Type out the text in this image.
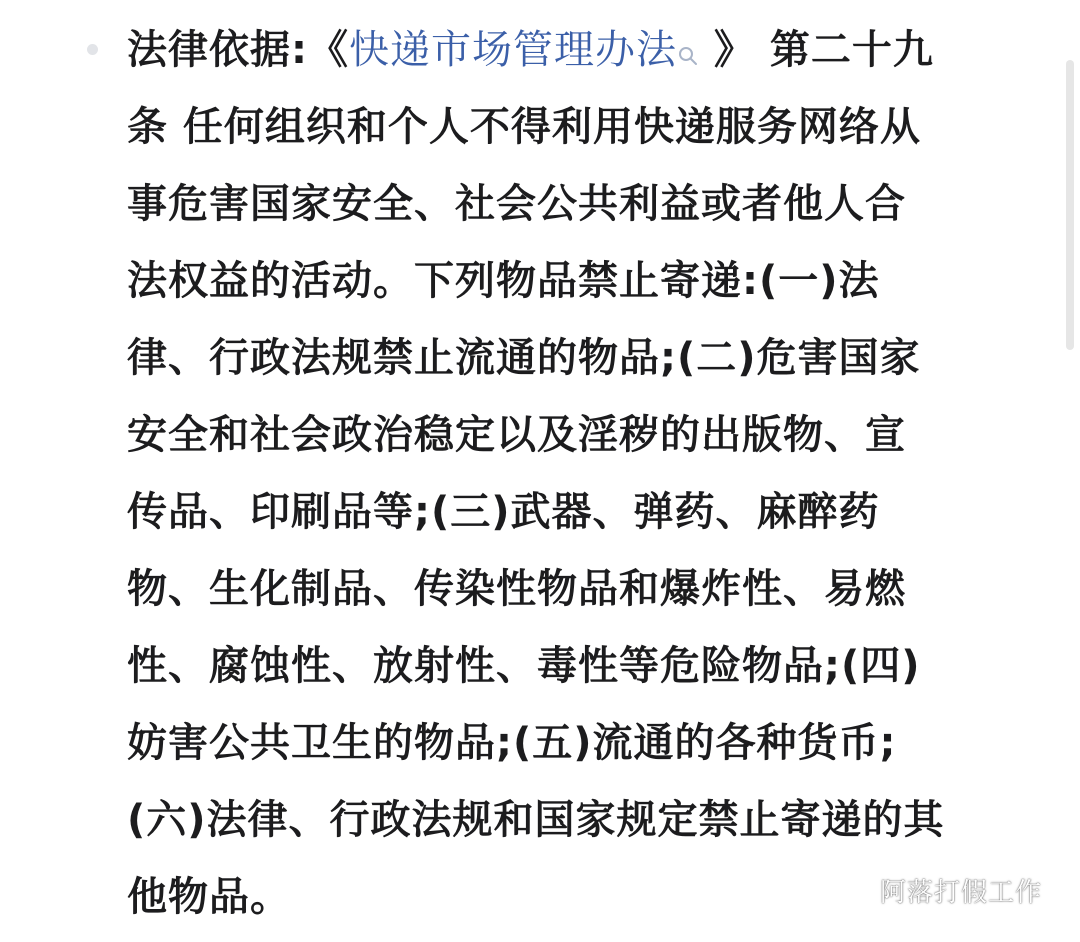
法律依据:《快递市场管理办法 》 第二十九
条 任何组织和个人不得利用快递服务网络从
事危害国家安全、社会公共利益或者他人合
法权益的活动。下列物品禁止寄递:(一)法
律、行政法规禁止流通的物品;(二)危害国家
安全和社会政治稳定以及淫秽的出版物、宣
传品、印刷品等;(三)武器、弹药、麻醉药
物、生化制品、传染性物品和爆炸性、易燃
性、腐蚀性、放射性、毒性等危险物品;(四)
妨害公共卫生的物品;(五)流通的各种货币;
(六)法律、行政法规和国家规定禁止寄递的其
他物品。	阿落打假工作
